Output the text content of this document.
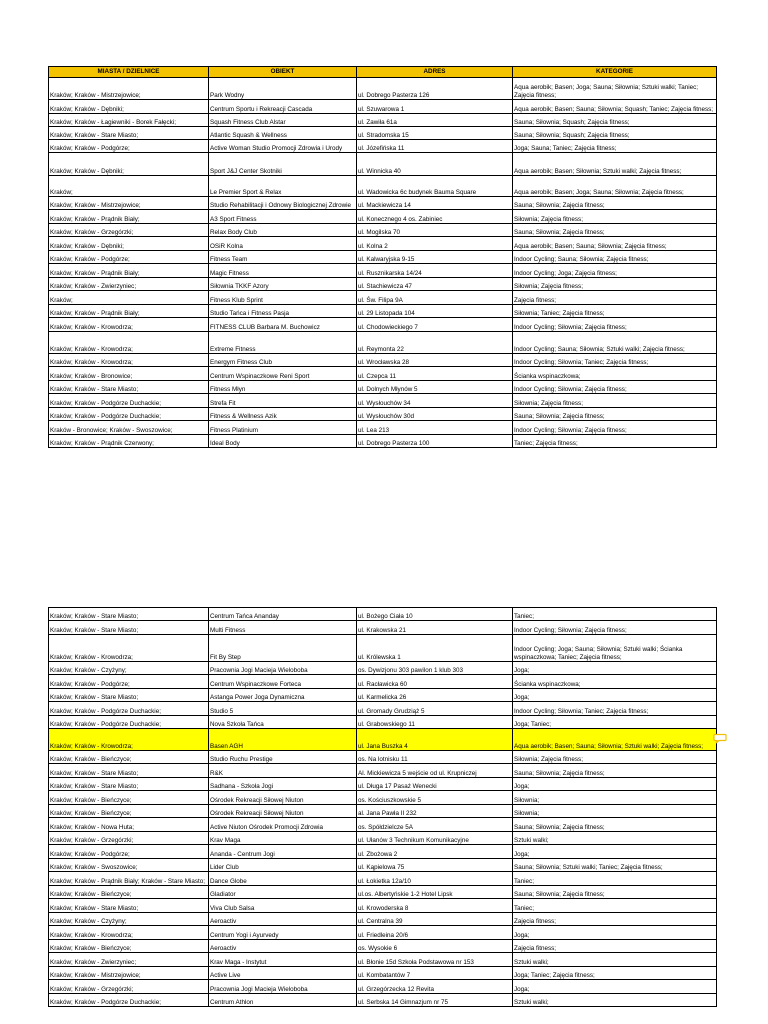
MIASTA / DZIELNICE	OBIEKT	ADRES	KATEGORIE
Kraków; Kraków - Mistrzejowice;	Park Wodny	ul. Dobrego Pasterza 126	Aqua aerobik; Basen; Joga; Sauna; Siłownia; Sztuki walki; Taniec; Zajęcia fitness;
Kraków; Kraków - Dębniki;	Centrum Sportu i Rekreacji Cascada	ul. Szuwarowa 1	Aqua aerobik; Basen; Sauna; Siłownia; Squash; Taniec; Zajęcia fitness;
Kraków; Kraków - Łagiewniki - Borek Fałęcki;	Squash Fitness Club Alstar	ul. Zawiła 61a	Sauna; Siłownia; Squash; Zajęcia fitness;
Kraków; Kraków - Stare Miasto;	Atlantic Squash & Wellness	ul. Stradomska 15	Sauna; Siłownia; Squash; Zajęcia fitness;
Kraków; Kraków - Podgórze;	Active Woman Studio Promocji Zdrowia i Urody	ul. Józefińska 11	Joga; Sauna; Taniec; Zajęcia fitness;
Kraków; Kraków - Dębniki;	Sport J&J Center Skotniki	ul. Winnicka 40	Aqua aerobik; Basen; Siłownia; Sztuki walki; Zajęcia fitness;
Kraków;	Le Premier Sport & Relax	ul. Wadowicka 6c budynek Bauma Square	Aqua aerobik; Basen; Joga; Sauna; Siłownia; Zajęcia fitness;
Kraków; Kraków - Mistrzejowice;	Studio Rehabilitacji i Odnowy Biologicznej Zdrowie	ul. Mackiewicza 14	Sauna; Siłownia; Zajęcia fitness;
Kraków; Kraków - Prądnik Biały;	A3 Sport Fitness	ul. Konecznego 4 os. Zabiniec	Siłownia; Zajęcia fitness;
Kraków; Kraków - Grzegórzki;	Relax Body Club	ul. Mogilska 70	Sauna; Siłownia; Zajęcia fitness;
Kraków; Kraków - Dębniki;	OSiR Kolna	ul. Kolna 2	Aqua aerobik; Basen; Sauna; Siłownia; Zajęcia fitness;
Kraków; Kraków - Podgórze;	Fitness Team	ul. Kalwaryjska 9-15	Indoor Cycling; Sauna; Siłownia; Zajęcia fitness;
Kraków; Kraków - Prądnik Biały;	Magic Fitness	ul. Rusznikarska 14/24	Indoor Cycling; Joga; Zajęcia fitness;
Kraków; Kraków - Zwierzyniec;	Siłownia TKKF Azory	ul. Stachiewicza 47	Siłownia; Zajęcia fitness;
Kraków;	Fitness Klub Sprint	ul. Św. Filipa 9A	Zajęcia fitness;
Kraków; Kraków - Prądnik Biały;	Studio Tańca i Fitness Pasja	ul. 29 Listopada 104	Siłownia; Taniec; Zajęcia fitness;
Kraków; Kraków - Krowodrza;	FITNESS CLUB Barbara M. Buchowicz	ul. Chodowieckiego 7	Indoor Cycling; Siłownia; Zajęcia fitness;
Kraków; Kraków - Krowodrza;	Extreme Fitness	ul. Reymonta 22	Indoor Cycling; Sauna; Siłownia; Sztuki walki; Zajęcia fitness;
Kraków; Kraków - Krowodrza;	Energym Fitness Club	ul. Wrocławska 28	Indoor Cycling; Siłownia; Taniec; Zajęcia fitness;
Kraków; Kraków - Bronowice;	Centrum Wspinaczkowe Reni Sport	ul. Czepca 11	Ścianka wspinaczkowa;
Kraków; Kraków - Stare Miasto;	Fitness Młyn	ul. Dolnych Młynów 5	Indoor Cycling; Siłownia; Zajęcia fitness;
Kraków; Kraków - Podgórze Duchackie;	Strefa Fit	ul. Wysłouchów 34	Siłownia; Zajęcia fitness;
Kraków; Kraków - Podgórze Duchackie;	Fitness & Wellness Azik	ul. Wysłouchów 30d	Sauna; Siłownia; Zajęcia fitness;
Kraków - Bronowice; Kraków - Swoszowice;	Fitness Platinium	ul. Lea 213	Indoor Cycling; Siłownia; Zajęcia fitness;
Kraków; Kraków - Prądnik Czerwony;	Ideal Body	ul. Dobrego Pasterza 100	Taniec; Zajęcia fitness;
Kraków; Kraków - Stare Miasto;	Centrum Tańca Ananday	ul. Bożego Ciała 10	Taniec;
Kraków; Kraków - Stare Miasto;	Multi Fitness	ul. Krakowska 21	Indoor Cycling; Siłownia; Zajęcia fitness;
Kraków; Kraków - Krowodrza;	Fit By Step	ul. Królewska 1	Indoor Cycling; Joga; Sauna; Siłownia; Sztuki walki; Ścianka wspinaczkowa; Taniec; Zajęcia fitness;
Kraków; Kraków - Czyżyny;	Pracownia Jogi Macieja Wieloboba	os. Dywizjonu 303 pawilon 1 klub 303	Joga;
Kraków; Kraków - Podgórze;	Centrum Wspinaczkowe Forteca	ul. Racławicka 60	Ścianka wspinaczkowa;
Kraków; Kraków - Stare Miasto;	Astanga Power Joga Dynamiczna	ul. Karmelicka 26	Joga;
Kraków; Kraków - Podgórze Duchackie;	Studio 5	ul. Gromady Grudziąż 5	Indoor Cycling; Siłownia; Taniec; Zajęcia fitness;
Kraków; Kraków - Podgórze Duchackie;	Nova Szkoła Tańca	ul. Grabowskiego 11	Joga; Taniec;
Kraków; Kraków - Krowodrza;	Basen AGH	ul. Jana Buszka 4	Aqua aerobik; Basen; Sauna; Siłownia; Sztuki walki; Zajęcia fitness;
Kraków; Kraków - Bieńczyce;	Studio Ruchu Prestige	os. Na lotnisku 11	Siłownia; Zajęcia fitness;
Kraków; Kraków - Stare Miasto;	R&K	Al. Mickiewicza 5 wejście od ul. Krupniczej	Sauna; Siłownia; Zajęcia fitness;
Kraków; Kraków - Stare Miasto;	Sadhana - Szkoła Jogi	ul. Długa 17 Pasaż Wenecki	Joga;
Kraków; Kraków - Bieńczyce;	Ośrodek Rekreacji Siłowej Niuton	os. Kościuszkowskie 5	Siłownia;
Kraków; Kraków - Bieńczyce;	Ośrodek Rekreacji Siłowej Niuton	al. Jana Pawła II 232	Siłownia;
Kraków; Kraków - Nowa Huta;	Active Niuton Ośrodek Promocji Zdrowia	os. Spółdzielcze 5A	Sauna; Siłownia; Zajęcia fitness;
Kraków; Kraków - Grzegórzki;	Krav Maga	ul. Ułanów 3 Technikum Komunikacyjne	Sztuki walki;
Kraków; Kraków - Podgórze;	Ananda - Centrum Jogi	ul. Zbożowa 2	Joga;
Kraków; Kraków - Swoszowice;	Lider Club	ul. Kąpielowa 75	Sauna; Siłownia; Sztuki walki; Taniec; Zajęcia fitness;
Kraków; Kraków - Prądnik Biały; Kraków - Stare Miasto;	Dance Globe	ul. Łokietka 12a/10	Taniec;
Kraków; Kraków - Bieńczyce;	Gladiator	ul.os. Albertyńskie 1-2 Hotel Lipsk	Sauna; Siłownia; Zajęcia fitness;
Kraków; Kraków - Stare Miasto;	Viva Club Salsa	ul. Krowoderska 8	Taniec;
Kraków; Kraków - Czyżyny;	Aeroactiv	ul. Centralna 39	Zajęcia fitness;
Kraków; Kraków - Krowodrza;	Centrum Yogi i Ayurvedy	ul. Friedleina 20/6	Joga;
Kraków; Kraków - Bieńczyce;	Aeroactiv	os. Wysokie 6	Zajęcia fitness;
Kraków; Kraków - Zwierzyniec;	Krav Maga - Instytut	ul. Błonie 15d Szkoła Podstawowa nr 153	Sztuki walki;
Kraków; Kraków - Mistrzejowice;	Active Live	ul. Kombatantów 7	Joga; Taniec; Zajęcia fitness;
Kraków; Kraków - Grzegórzki;	Pracownia Jogi Macieja Wieloboba	ul. Grzegórzecka 12 Revita	Joga;
Kraków; Kraków - Podgórze Duchackie;	Centrum Athlon	ul. Serbska 14 Gimnazjum nr 75	Sztuki walki;
